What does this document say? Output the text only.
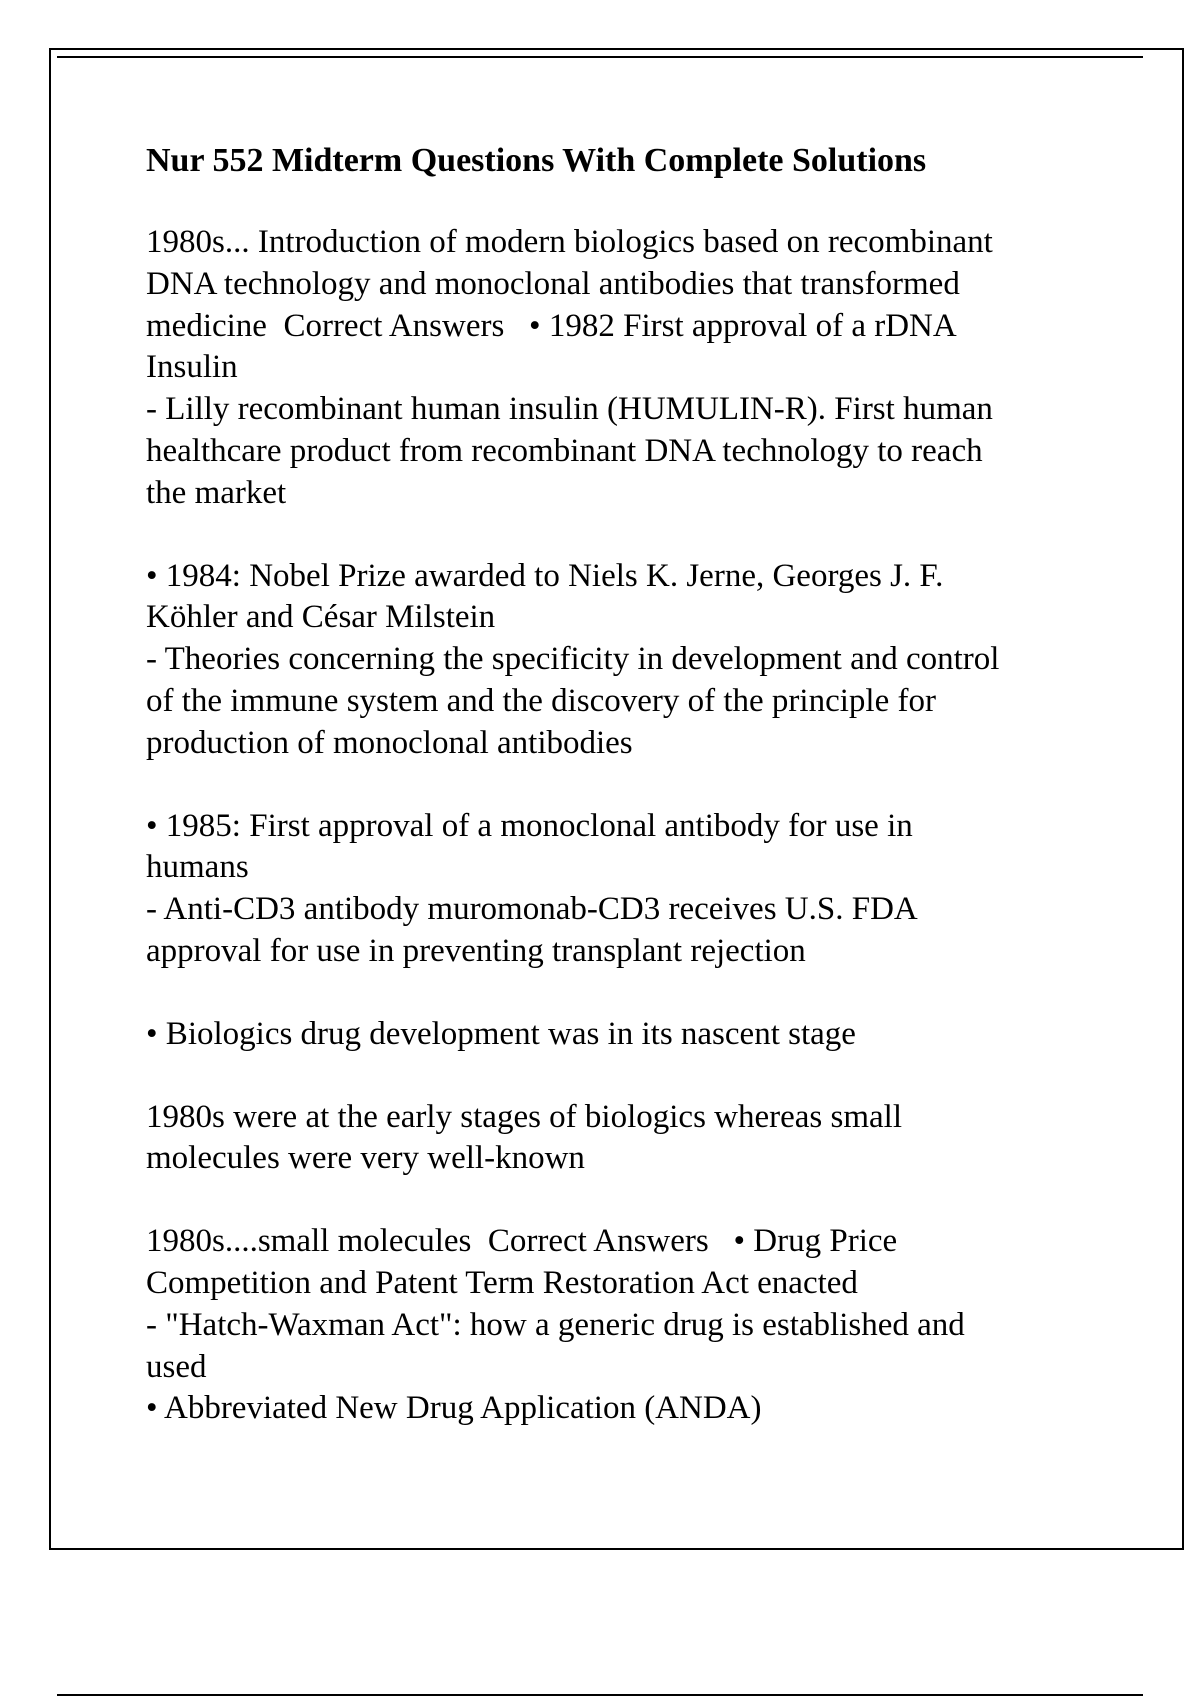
Nur 552 Midterm Questions With Complete Solutions
1980s... Introduction of modern biologics based on recombinant
DNA technology and monoclonal antibodies that transformed
medicine  Correct Answers   • 1982 First approval of a rDNA
Insulin
- Lilly recombinant human insulin (HUMULIN-R). First human
healthcare product from recombinant DNA technology to reach
the market
• 1984: Nobel Prize awarded to Niels K. Jerne, Georges J. F.
Köhler and César Milstein
- Theories concerning the specificity in development and control
of the immune system and the discovery of the principle for
production of monoclonal antibodies
• 1985: First approval of a monoclonal antibody for use in
humans
- Anti-CD3 antibody muromonab-CD3 receives U.S. FDA
approval for use in preventing transplant rejection
• Biologics drug development was in its nascent stage
1980s were at the early stages of biologics whereas small
molecules were very well-known
1980s....small molecules  Correct Answers   • Drug Price
Competition and Patent Term Restoration Act enacted
- "Hatch-Waxman Act": how a generic drug is established and
used
• Abbreviated New Drug Application (ANDA)
